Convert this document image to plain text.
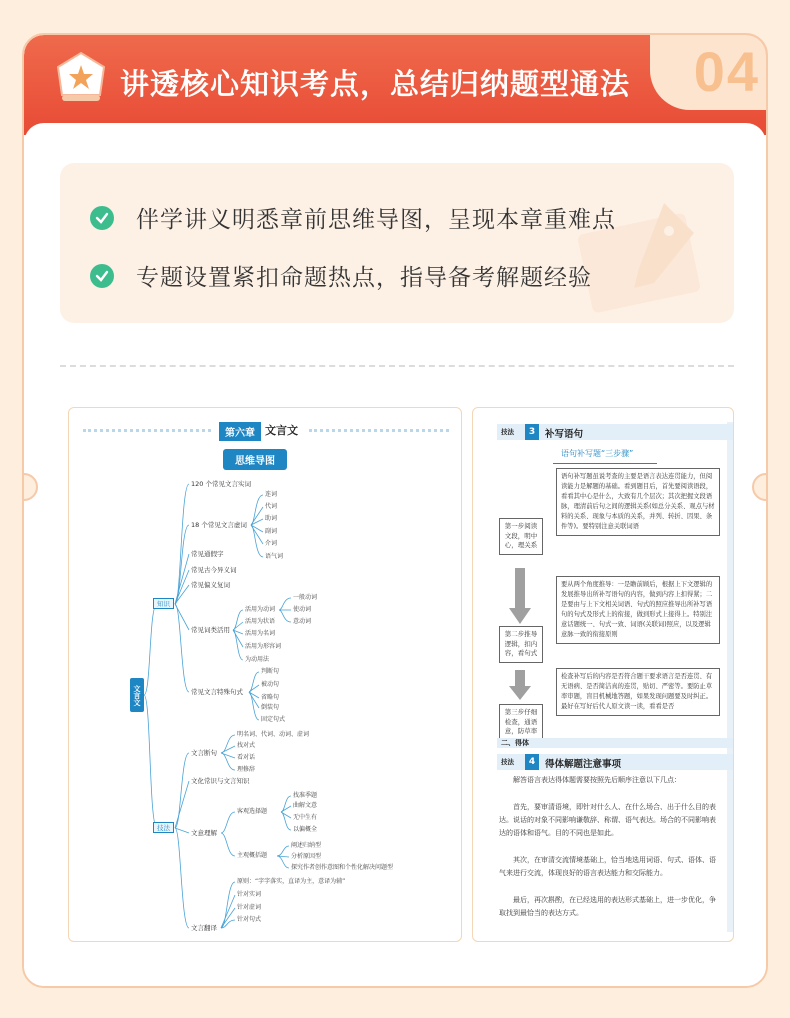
04
讲透核心知识考点，总结归纳题型通法
伴学讲义明悉章前思维导图，呈现本章重难点
专题设置紧扣命题热点，指导备考解题经验
第六章 文言文
思维导图
文言文
知识
技法
120 个常见文言实词
18 个常见文言虚词
连词
代词
助词
副词
介词
语气词
常见通假字
常见古今异义词
常见偏义复词
常见词类活用
活用为动词
活用为状语
活用为名词
活用为形容词
为动用法
一般动词
使动词
意动词
常见文言特殊句式
判断句
被动句
省略句
倒装句
固定句式
文言断句
明名词、代词、动词、虚词
找对式
看对话
理修辞
文化常识与文言知识
文意理解
客观选择题
找准季题
曲解文意
无中生有
以偏概全
主观概括题
阐述归纳型
分析原因型
探究作者创作意图和个性化解决问题型
文言翻译
原则：“字字落实，直译为主，意译为辅”
针对实词
针对虚词
针对句式
技法	3	补写语句
语句补写题“三步骤”
第一步阅读文段，明中心，理关系
语句补写题虽说考查的主要是语言表达连贯能力，但阅读能力是解题的基础。看到题目后，首先要阅读语段，看看其中心是什么，大致有几个层次；其次把握文段语脉，理清前后句之间的逻辑关系(如总分关系、观点与材料的关系、现象与本质的关系，并列、转折、因果、条件等)。要特别注意关联词语
第二步推导逻辑，扣内容，看句式
要从两个角度推导：一是瞻前顾后，根据上下文逻辑的发展推导出所补写语句的内容，做到内容上扣得紧；二是要由与上下文相关词语、句式的照应推导出所补写语句的句式及形式上的衔接，做到形式上接得上。特别注意话题统一、句式一致、词语(关联词)照应，以及逻辑意脉一致的衔接原则
第三步仔细检查，通语意，防草率
检查补写后的内容是否符合题干要求语言是否连贯、有无语病、是否简洁真的连贯，贴切、严密等。要防止草率审题，盲目机械地答题，如果发现问题要及时纠正。最好在写好后代人原文读一读，看看是否
二、得体
技法	4	得体解题注意事项
解答语言表达得体题需要按照先后顺序注意以下几点：
首先，要审清语境，即针对什么人、在什么场合、出于什么目的表达。说话的对象不同影响谦敬辞、称谓、语气表达。场合的不同影响表达的语体和语气。目的不同也是如此。
其次，在审清交流情境基础上，恰当地选用词语、句式、语体、语气来进行交流，体现良好的语言表达能力和交际能力。
最后，再次斟酌，在已经选用的表达形式基础上，进一步优化，争取找到最恰当的表达方式。
